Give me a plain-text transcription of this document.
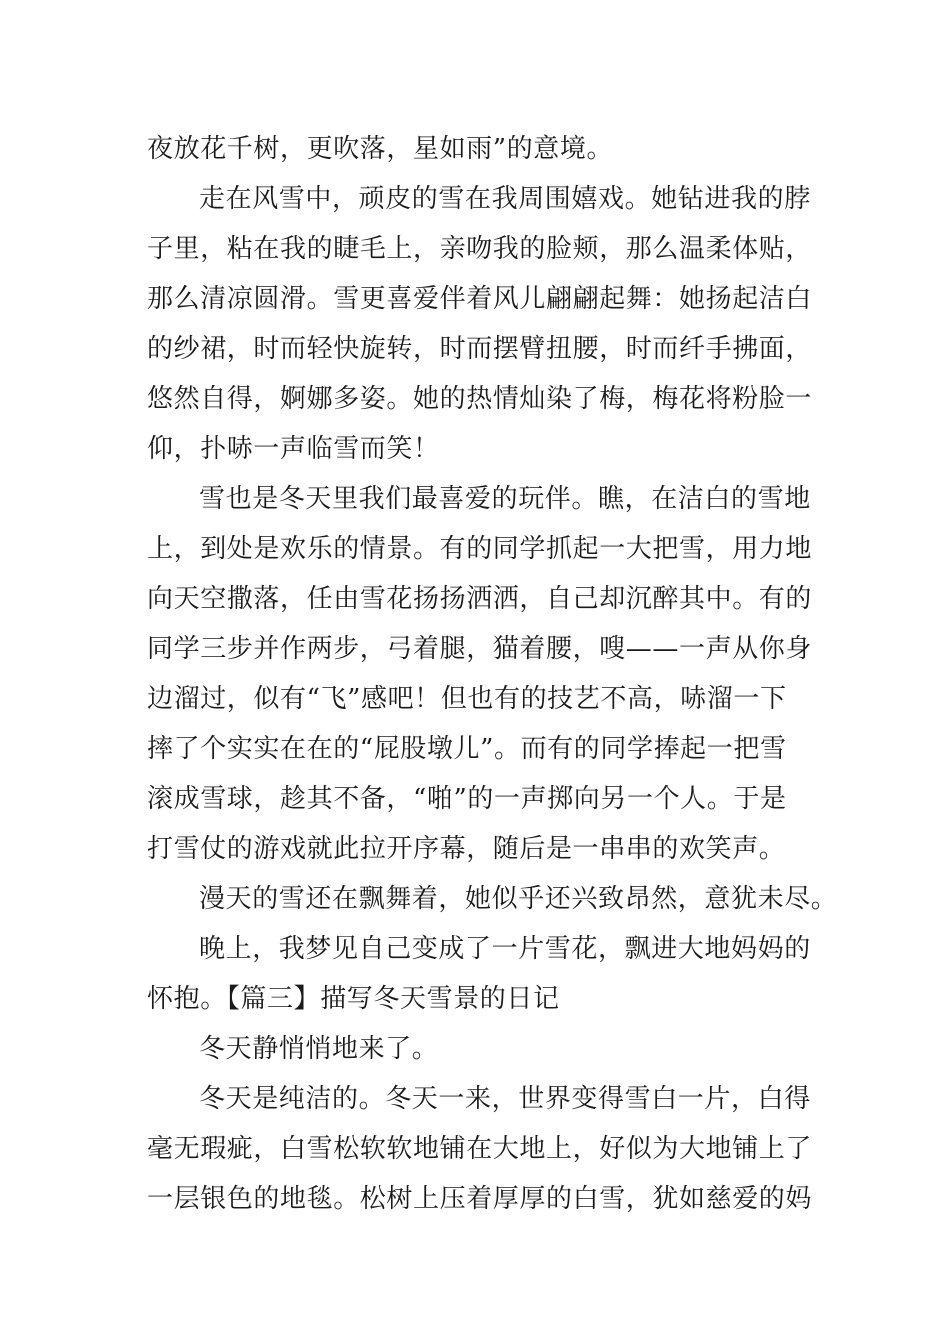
夜放花千树，更吹落，星如雨”的意境。
走在风雪中，顽皮的雪在我周围嬉戏。她钻进我的脖
子里，粘在我的睫毛上，亲吻我的脸颊，那么温柔体贴，
那么清凉圆滑。雪更喜爱伴着风儿翩翩起舞：她扬起洁白
的纱裙，时而轻快旋转，时而摆臂扭腰，时而纤手拂面，
悠然自得，婀娜多姿。她的热情灿染了梅，梅花将粉脸一
仰，扑哧一声临雪而笑！
雪也是冬天里我们最喜爱的玩伴。瞧，在洁白的雪地
上，到处是欢乐的情景。有的同学抓起一大把雪，用力地
向天空撒落，任由雪花扬扬洒洒，自己却沉醉其中。有的
同学三步并作两步，弓着腿，猫着腰，嗖——一声从你身
边溜过，似有“飞”感吧！但也有的技艺不高，哧溜一下
摔了个实实在在的“屁股墩儿”。而有的同学捧起一把雪
滚成雪球，趁其不备，“啪”的一声掷向另一个人。于是
打雪仗的游戏就此拉开序幕，随后是一串串的欢笑声。
漫天的雪还在飘舞着，她似乎还兴致昂然，意犹未尽。
晚上，我梦见自己变成了一片雪花，飘进大地妈妈的
怀抱。【篇三】描写冬天雪景的日记
冬天静悄悄地来了。
冬天是纯洁的。冬天一来，世界变得雪白一片，白得
毫无瑕疵，白雪松软软地铺在大地上，好似为大地铺上了
一层银色的地毯。松树上压着厚厚的白雪，犹如慈爱的妈
